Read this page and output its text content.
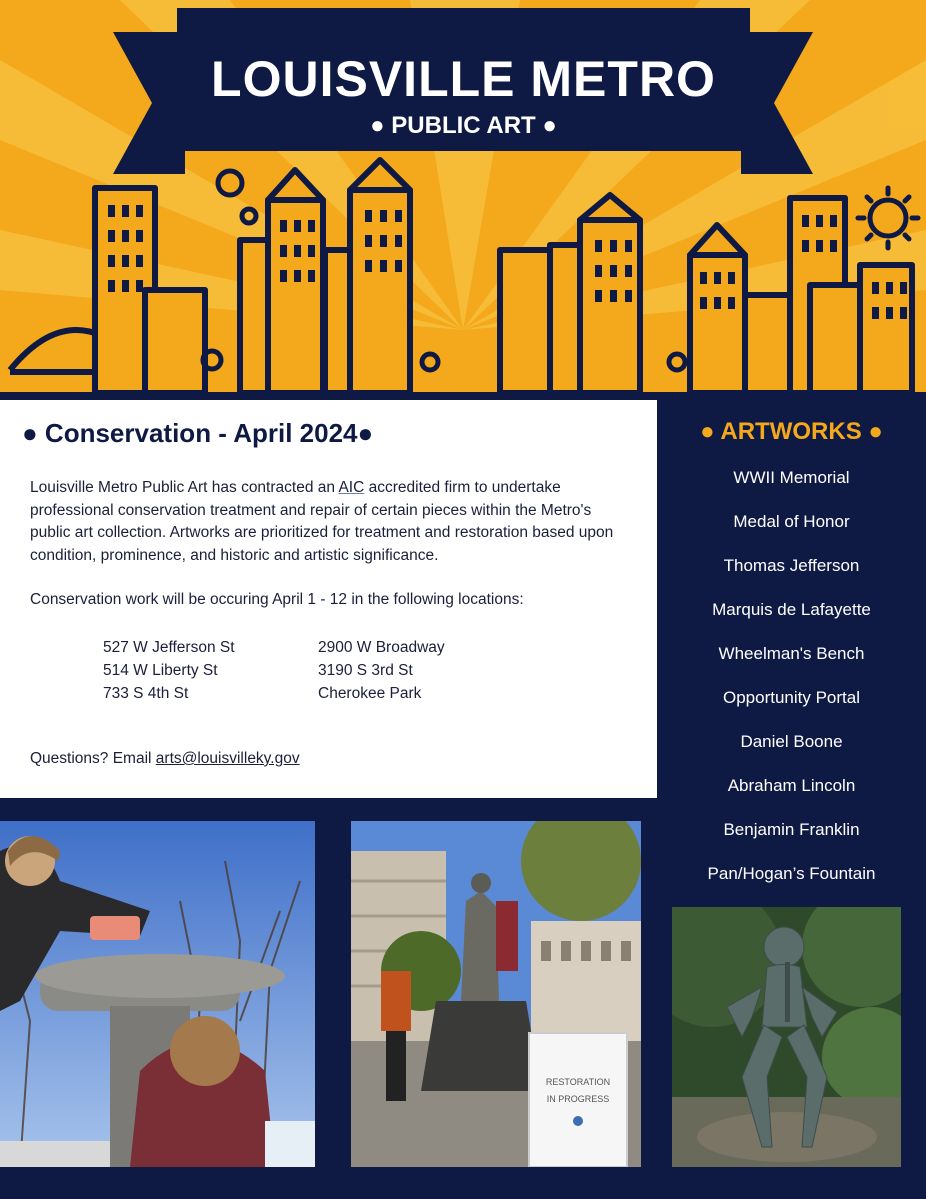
LOUISVILLE METRO
● PUBLIC ART ●
● Conservation - April 2024●
Louisville Metro Public Art has contracted an AIC accredited firm to undertake professional conservation treatment and repair of certain pieces within the Metro's public art collection. Artworks are prioritized for treatment and restoration based upon condition, prominence, and historic and artistic significance.
Conservation work will be occuring April 1 - 12 in the following locations:
527 W Jefferson St
514 W Liberty St
733 S 4th St
2900 W Broadway
3190 S 3rd St
Cherokee Park
Questions? Email arts@louisvilleky.gov
● ARTWORKS ●
WWII Memorial
Medal of Honor
Thomas Jefferson
Marquis de Lafayette
Wheelman's Bench
Opportunity Portal
Daniel Boone
Abraham Lincoln
Benjamin Franklin
Pan/Hogan’s Fountain
RESTORATION
IN PROGRESS
